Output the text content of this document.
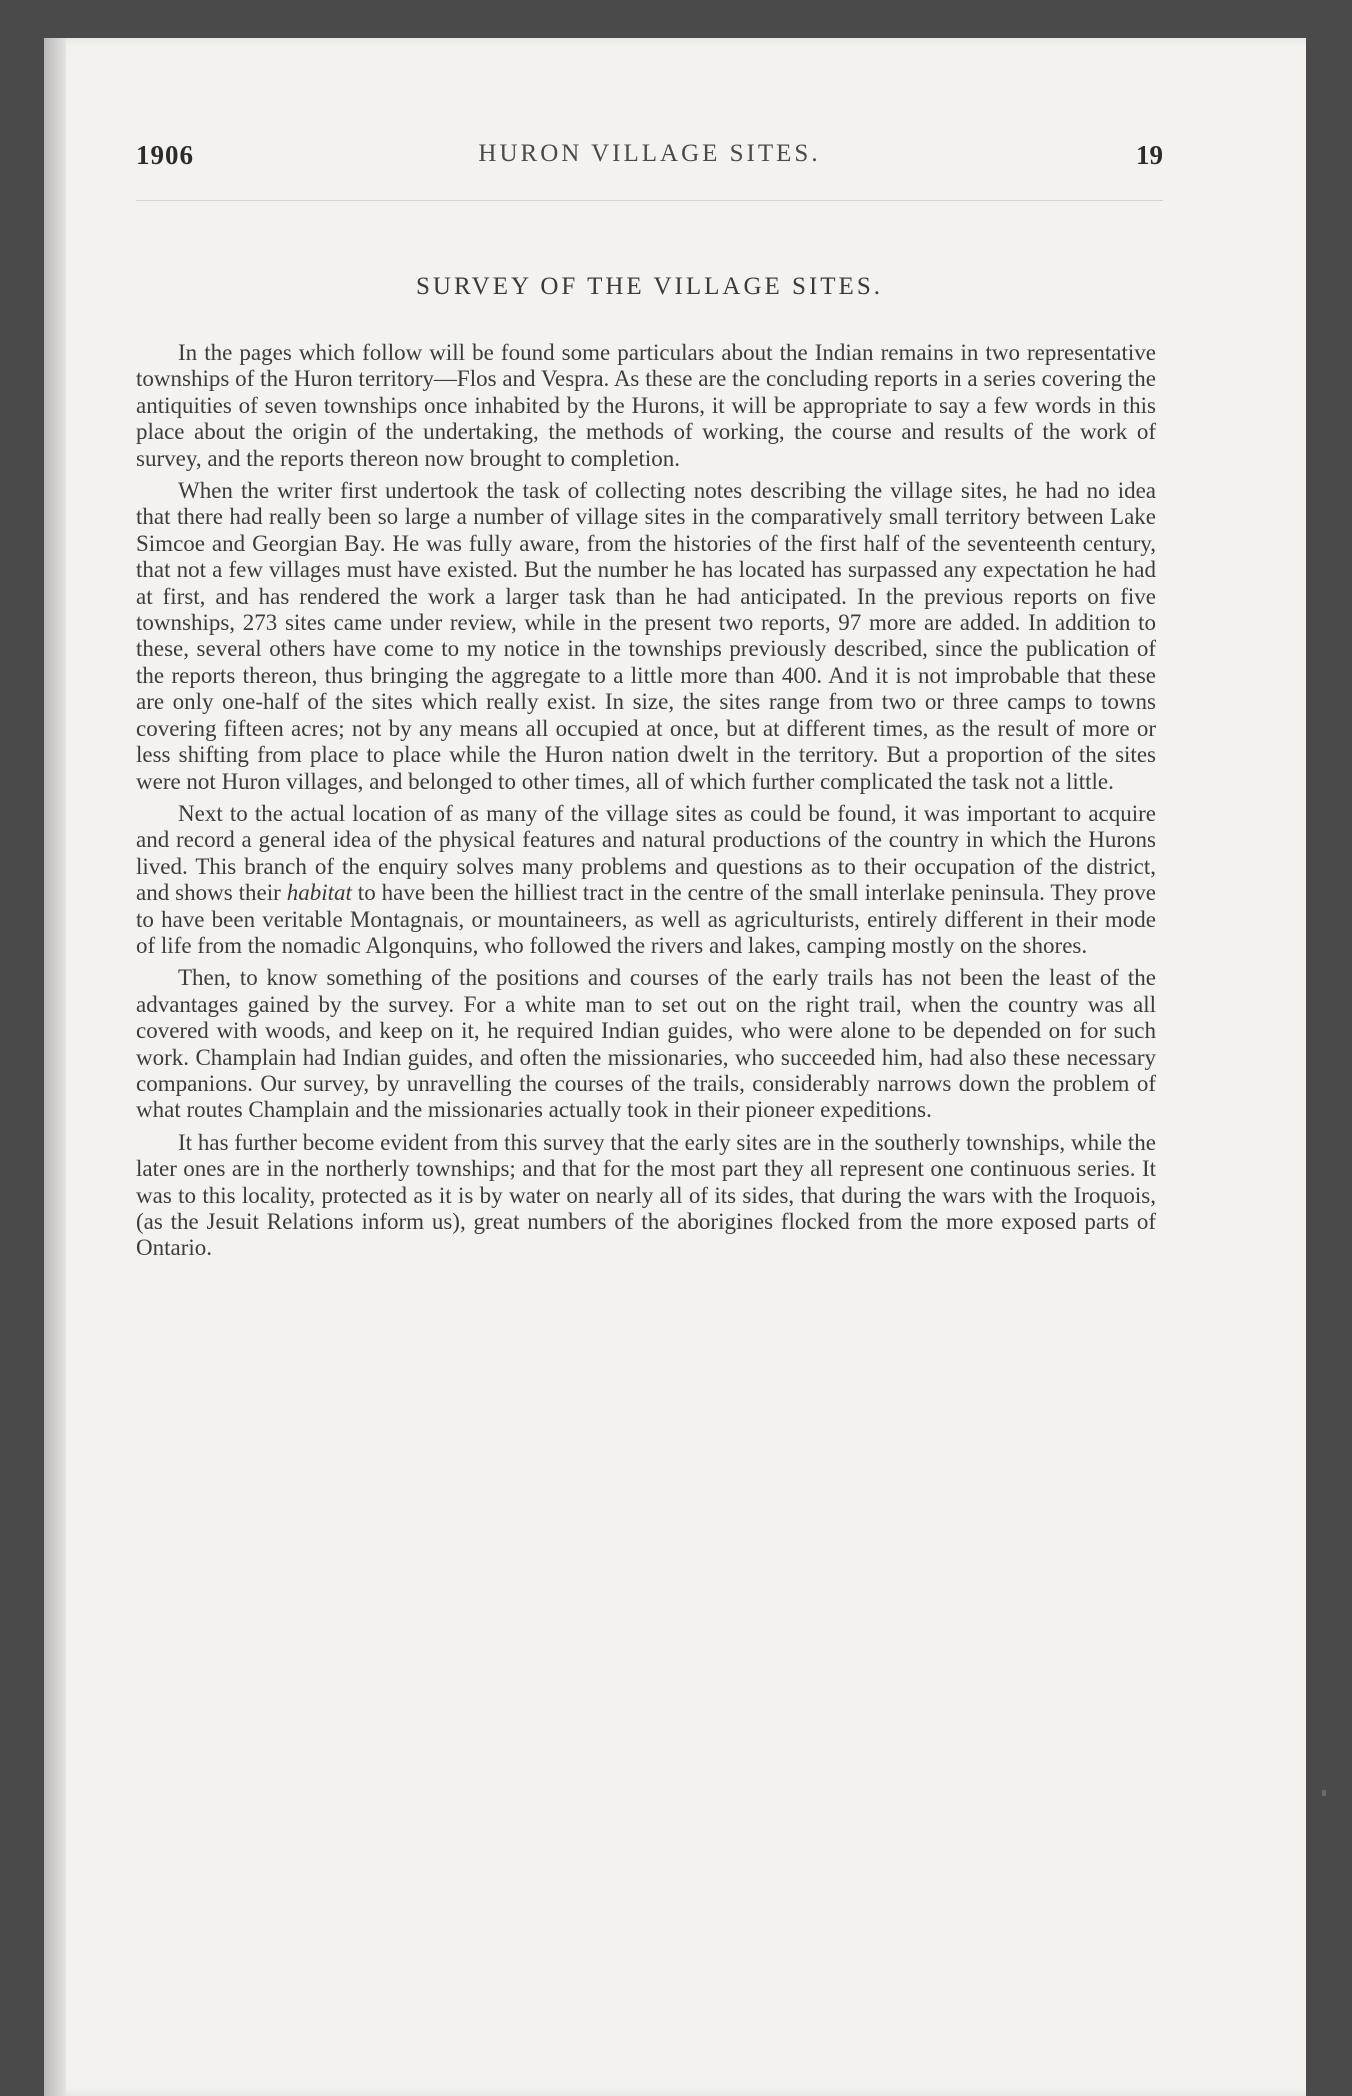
1906	HURON VILLAGE SITES.	19
SURVEY OF THE VILLAGE SITES.

In the pages which follow will be found some particulars about the Indian remains in two representative townships of the Huron territory—Flos and Vespra. As these are the concluding reports in a series covering the antiquities of seven townships once inhabited by the Hurons, it will be appropriate to say a few words in this place about the origin of the undertaking, the methods of working, the course and results of the work of survey, and the reports thereon now brought to completion.

When the writer first undertook the task of collecting notes describing the village sites, he had no idea that there had really been so large a number of village sites in the comparatively small territory between Lake Simcoe and Georgian Bay. He was fully aware, from the histories of the first half of the seventeenth century, that not a few villages must have existed. But the number he has located has surpassed any expectation he had at first, and has rendered the work a larger task than he had anticipated. In the previous reports on five townships, 273 sites came under review, while in the present two reports, 97 more are added. In addition to these, several others have come to my notice in the townships previously described, since the publication of the reports thereon, thus bringing the aggregate to a little more than 400. And it is not improbable that these are only one-half of the sites which really exist. In size, the sites range from two or three camps to towns covering fifteen acres; not by any means all occupied at once, but at different times, as the result of more or less shifting from place to place while the Huron nation dwelt in the territory. But a proportion of the sites were not Huron villages, and belonged to other times, all of which further complicated the task not a little.

Next to the actual location of as many of the village sites as could be found, it was important to acquire and record a general idea of the physical features and natural productions of the country in which the Hurons lived. This branch of the enquiry solves many problems and questions as to their occupation of the district, and shows their habitat to have been the hilliest tract in the centre of the small interlake peninsula. They prove to have been veritable Montagnais, or mountaineers, as well as agriculturists, entirely different in their mode of life from the nomadic Algonquins, who followed the rivers and lakes, camping mostly on the shores.

Then, to know something of the positions and courses of the early trails has not been the least of the advantages gained by the survey. For a white man to set out on the right trail, when the country was all covered with woods, and keep on it, he required Indian guides, who were alone to be depended on for such work. Champlain had Indian guides, and often the missionaries, who succeeded him, had also these necessary companions. Our survey, by unravelling the courses of the trails, considerably narrows down the problem of what routes Champlain and the missionaries actually took in their pioneer expeditions.

It has further become evident from this survey that the early sites are in the southerly townships, while the later ones are in the northerly townships; and that for the most part they all represent one continuous series. It was to this locality, protected as it is by water on nearly all of its sides, that during the wars with the Iroquois, (as the Jesuit Relations inform us), great numbers of the aborigines flocked from the more exposed parts of Ontario.
